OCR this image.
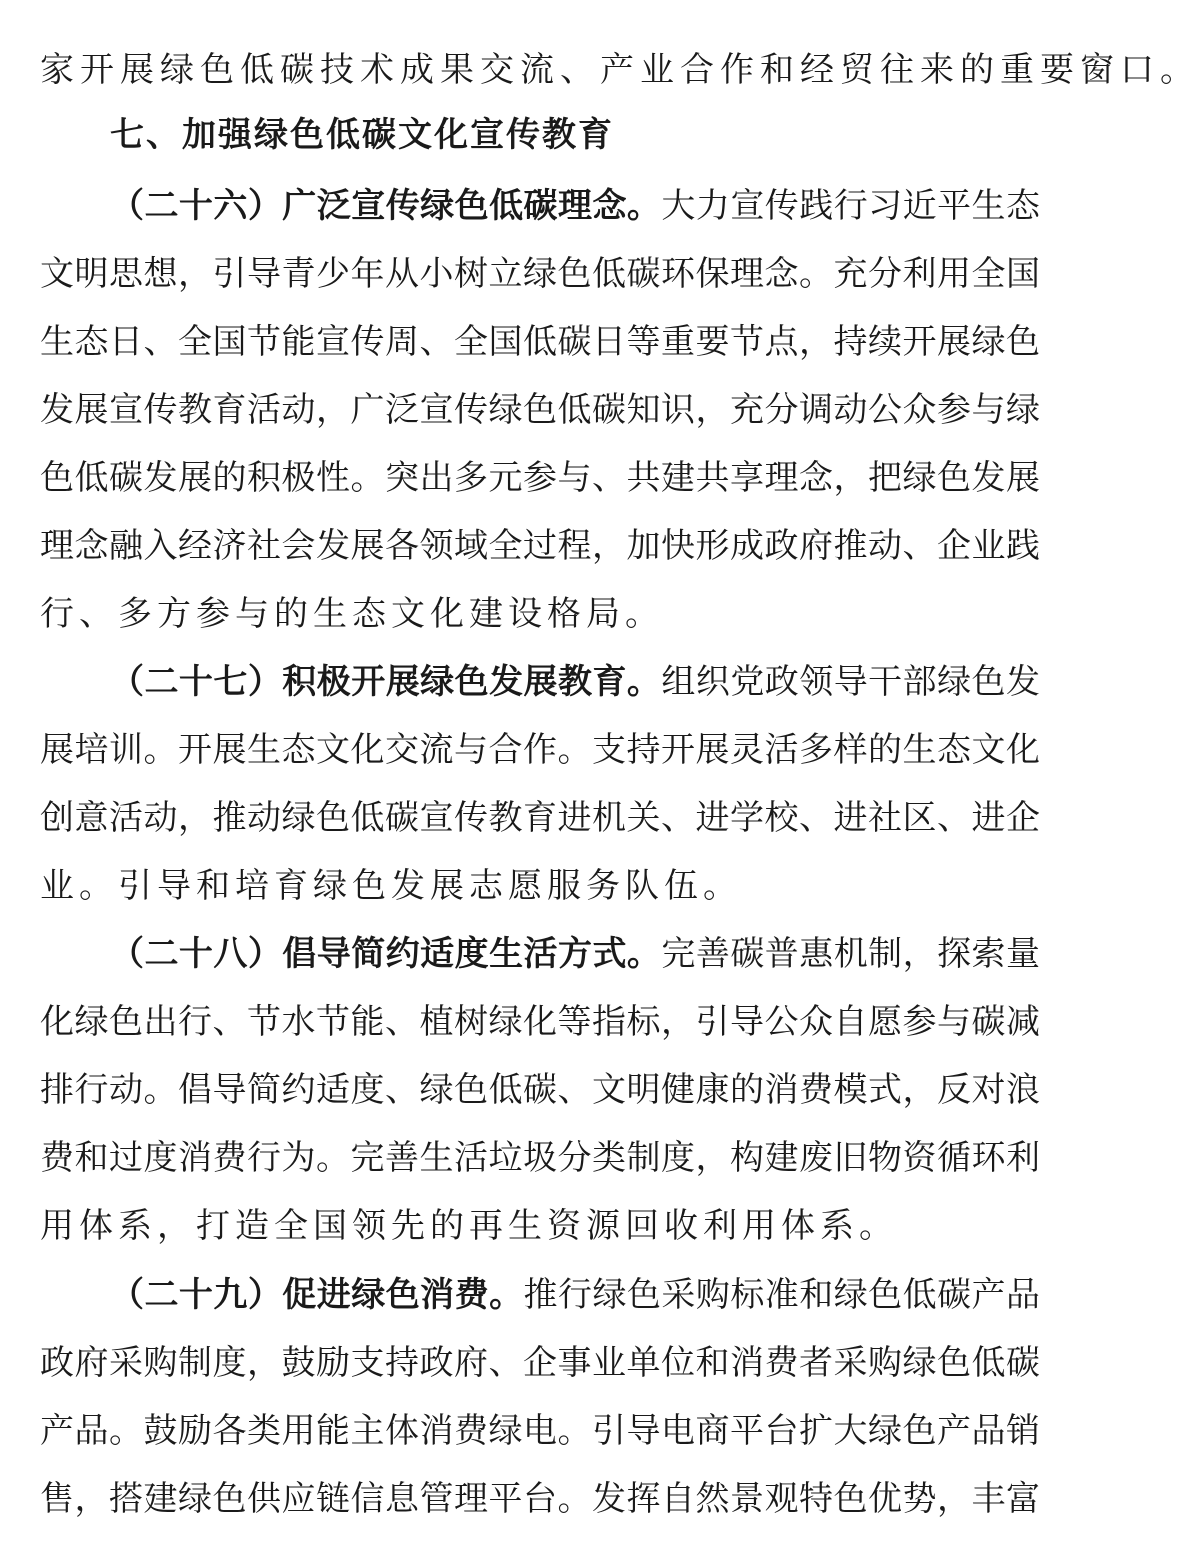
家开展绿色低碳技术成果交流、产业合作和经贸往来的重要窗口。
七、加强绿色低碳文化宣传教育
（二十六）广泛宣传绿色低碳理念。大力宣传践行习近平生态
文明思想，引导青少年从小树立绿色低碳环保理念。充分利用全国
生态日、全国节能宣传周、全国低碳日等重要节点，持续开展绿色
发展宣传教育活动，广泛宣传绿色低碳知识，充分调动公众参与绿
色低碳发展的积极性。突出多元参与、共建共享理念，把绿色发展
理念融入经济社会发展各领域全过程，加快形成政府推动、企业践
行、多方参与的生态文化建设格局。
（二十七）积极开展绿色发展教育。组织党政领导干部绿色发
展培训。开展生态文化交流与合作。支持开展灵活多样的生态文化
创意活动，推动绿色低碳宣传教育进机关、进学校、进社区、进企
业。引导和培育绿色发展志愿服务队伍。
（二十八）倡导简约适度生活方式。完善碳普惠机制，探索量
化绿色出行、节水节能、植树绿化等指标，引导公众自愿参与碳减
排行动。倡导简约适度、绿色低碳、文明健康的消费模式，反对浪
费和过度消费行为。完善生活垃圾分类制度，构建废旧物资循环利
用体系，打造全国领先的再生资源回收利用体系。
（二十九）促进绿色消费。推行绿色采购标准和绿色低碳产品
政府采购制度，鼓励支持政府、企事业单位和消费者采购绿色低碳
产品。鼓励各类用能主体消费绿电。引导电商平台扩大绿色产品销
售，搭建绿色供应链信息管理平台。发挥自然景观特色优势，丰富
